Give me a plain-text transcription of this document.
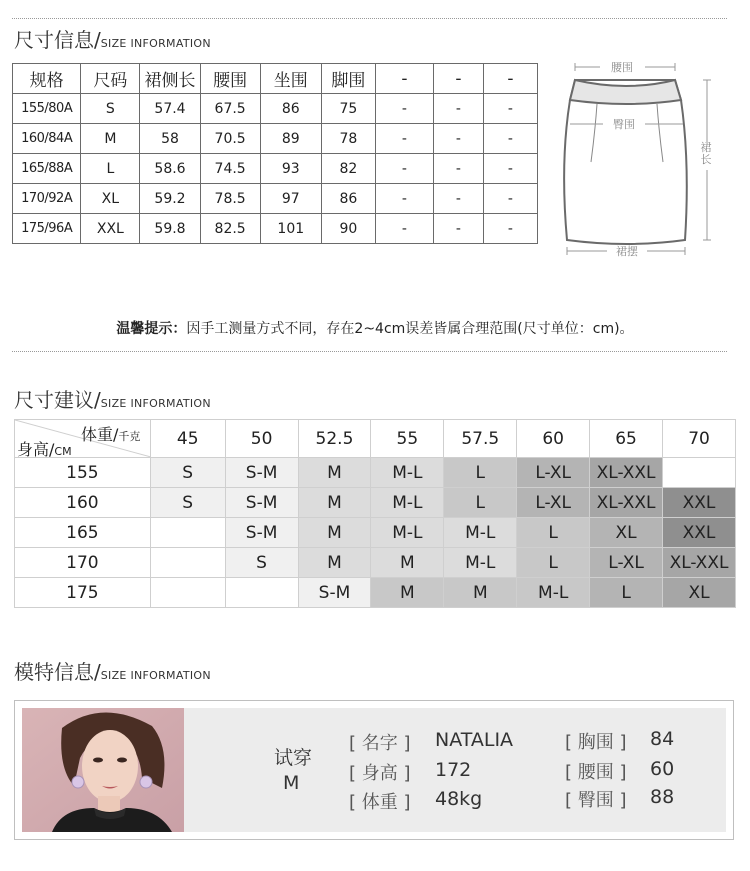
尺寸信息/ SIZE INFORMATION
规格	尺码	裙侧长	腰围	坐围	脚围	-	-	-
155/80A	S	57.4	67.5	86	75	-	-	-
160/84A	M	58	70.5	89	78	-	-	-
165/88A	L	58.6	74.5	93	82	-	-	-
170/92A	XL	59.2	78.5	97	86	-	-	-
175/96A	XXL	59.8	82.5	101	90	-	-	-
腰围
臀围
裙摆
裙
长
温馨提示：因手工测量方式不同，存在2~4cm误差皆属合理范围(尺寸单位：cm)。
尺寸建议/ SIZE INFORMATION
体重/千克
身高/CM	45	50	52.5	55	57.5	60	65	70
155	S	S-M	M	M-L	L	L-XL	XL-XXL	
160	S	S-M	M	M-L	L	L-XL	XL-XXL	XXL
165		S-M	M	M-L	M-L	L	XL	XXL
170		S	M	M	M-L	L	L-XL	XL-XXL
175			S-M	M	M	M-L	L	XL
模特信息/ SIZE INFORMATION
试穿
M
[ 名字 ] NATALIA
[ 身高 ] 172
[ 体重 ] 48kg
[ 胸围 ] 84
[ 腰围 ] 60
[ 臀围 ] 88
